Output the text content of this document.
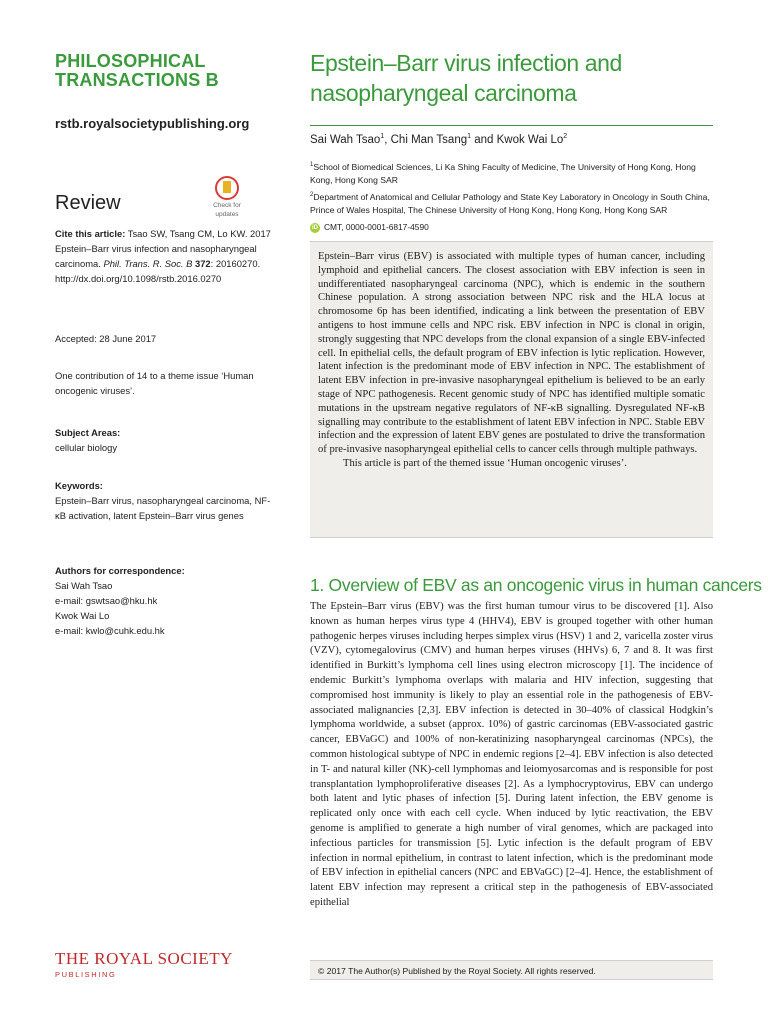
PHILOSOPHICAL
TRANSACTIONS B
rstb.royalsocietypublishing.org
Review	Check for
updates
Cite this article: Tsao SW, Tsang CM, Lo KW. 2017 Epstein–Barr virus infection and nasopharyngeal carcinoma. Phil. Trans. R. Soc. B 372: 20160270. http://dx.doi.org/10.1098/rstb.2016.0270
Accepted: 28 June 2017
One contribution of 14 to a theme issue ‘Human oncogenic viruses’.
Subject Areas:
cellular biology
Keywords:
Epstein–Barr virus, nasopharyngeal carcinoma, NF-κB activation, latent Epstein–Barr virus genes
Authors for correspondence:
Sai Wah Tsao
e-mail: gswtsao@hku.hk
Kwok Wai Lo
e-mail: kwlo@cuhk.edu.hk
THE ROYAL SOCIETY
PUBLISHING
Epstein–Barr virus infection and nasopharyngeal carcinoma
Sai Wah Tsao$^1$, Chi Man Tsang$^1$ and Kwok Wai Lo$^2$
$^1$School of Biomedical Sciences, Li Ka Shing Faculty of Medicine, The University of Hong Kong, Hong Kong, Hong Kong SAR
$^2$Department of Anatomical and Cellular Pathology and State Key Laboratory in Oncology in South China, Prince of Wales Hospital, The Chinese University of Hong Kong, Hong Kong, Hong Kong SAR
iD CMT, 0000-0001-6817-4590

Epstein–Barr virus (EBV) is associated with multiple types of human cancer, including lymphoid and epithelial cancers. The closest association with EBV infection is seen in undifferentiated nasopharyngeal carcinoma (NPC), which is endemic in the southern Chinese population. A strong association between NPC risk and the HLA locus at chromosome 6p has been identified, indicating a link between the presentation of EBV antigens to host immune cells and NPC risk. EBV infection in NPC is clonal in origin, strongly suggesting that NPC develops from the clonal expansion of a single EBV-infected cell. In epithelial cells, the default program of EBV infection is lytic replication. However, latent infection is the predominant mode of EBV infection in NPC. The establishment of latent EBV infection in pre-invasive nasopharyngeal epithelium is believed to be an early stage of NPC pathogenesis. Recent genomic study of NPC has identified multiple somatic mutations in the upstream negative regulators of NF-κB signalling. Dysregulated NF-κB signalling may contribute to the establishment of latent EBV infection in NPC. Stable EBV infection and the expression of latent EBV genes are postulated to drive the transformation of pre-invasive nasopharyngeal epithelial cells to cancer cells through multiple pathways.

This article is part of the themed issue ‘Human oncogenic viruses’.

1. Overview of EBV as an oncogenic virus in human cancers

The Epstein–Barr virus (EBV) was the first human tumour virus to be discovered [1]. Also known as human herpes virus type 4 (HHV4), EBV is grouped together with other human pathogenic herpes viruses including herpes simplex virus (HSV) 1 and 2, varicella zoster virus (VZV), cytomegalovirus (CMV) and human herpes viruses (HHVs) 6, 7 and 8. It was first identified in Burkitt’s lymphoma cell lines using electron microscopy [1]. The incidence of endemic Burkitt’s lymphoma overlaps with malaria and HIV infection, suggesting that compromised host immunity is likely to play an essential role in the pathogenesis of EBV-associated malignancies [2,3]. EBV infection is detected in 30–40% of classical Hodgkin’s lymphoma worldwide, a subset (approx. 10%) of gastric carcinomas (EBV-associated gastric cancer, EBVaGC) and 100% of non-keratinizing nasopharyngeal carcinomas (NPCs), the common histological subtype of NPC in endemic regions [2–4]. EBV infection is also detected in T- and natural killer (NK)-cell lymphomas and leiomyosarcomas and is responsible for post transplantation lymphoproliferative diseases [2]. As a lymphocryptovirus, EBV can undergo both latent and lytic phases of infection [5]. During latent infection, the EBV genome is replicated only once with each cell cycle. When induced by lytic reactivation, the EBV genome is amplified to generate a high number of viral genomes, which are packaged into infectious particles for transmission [5]. Lytic infection is the default program of EBV infection in normal epithelium, in contrast to latent infection, which is the predominant mode of EBV infection in epithelial cancers (NPC and EBVaGC) [2–4]. Hence, the establishment of latent EBV infection may represent a critical step in the pathogenesis of EBV-associated epithelial

© 2017 The Author(s) Published by the Royal Society. All rights reserved.
